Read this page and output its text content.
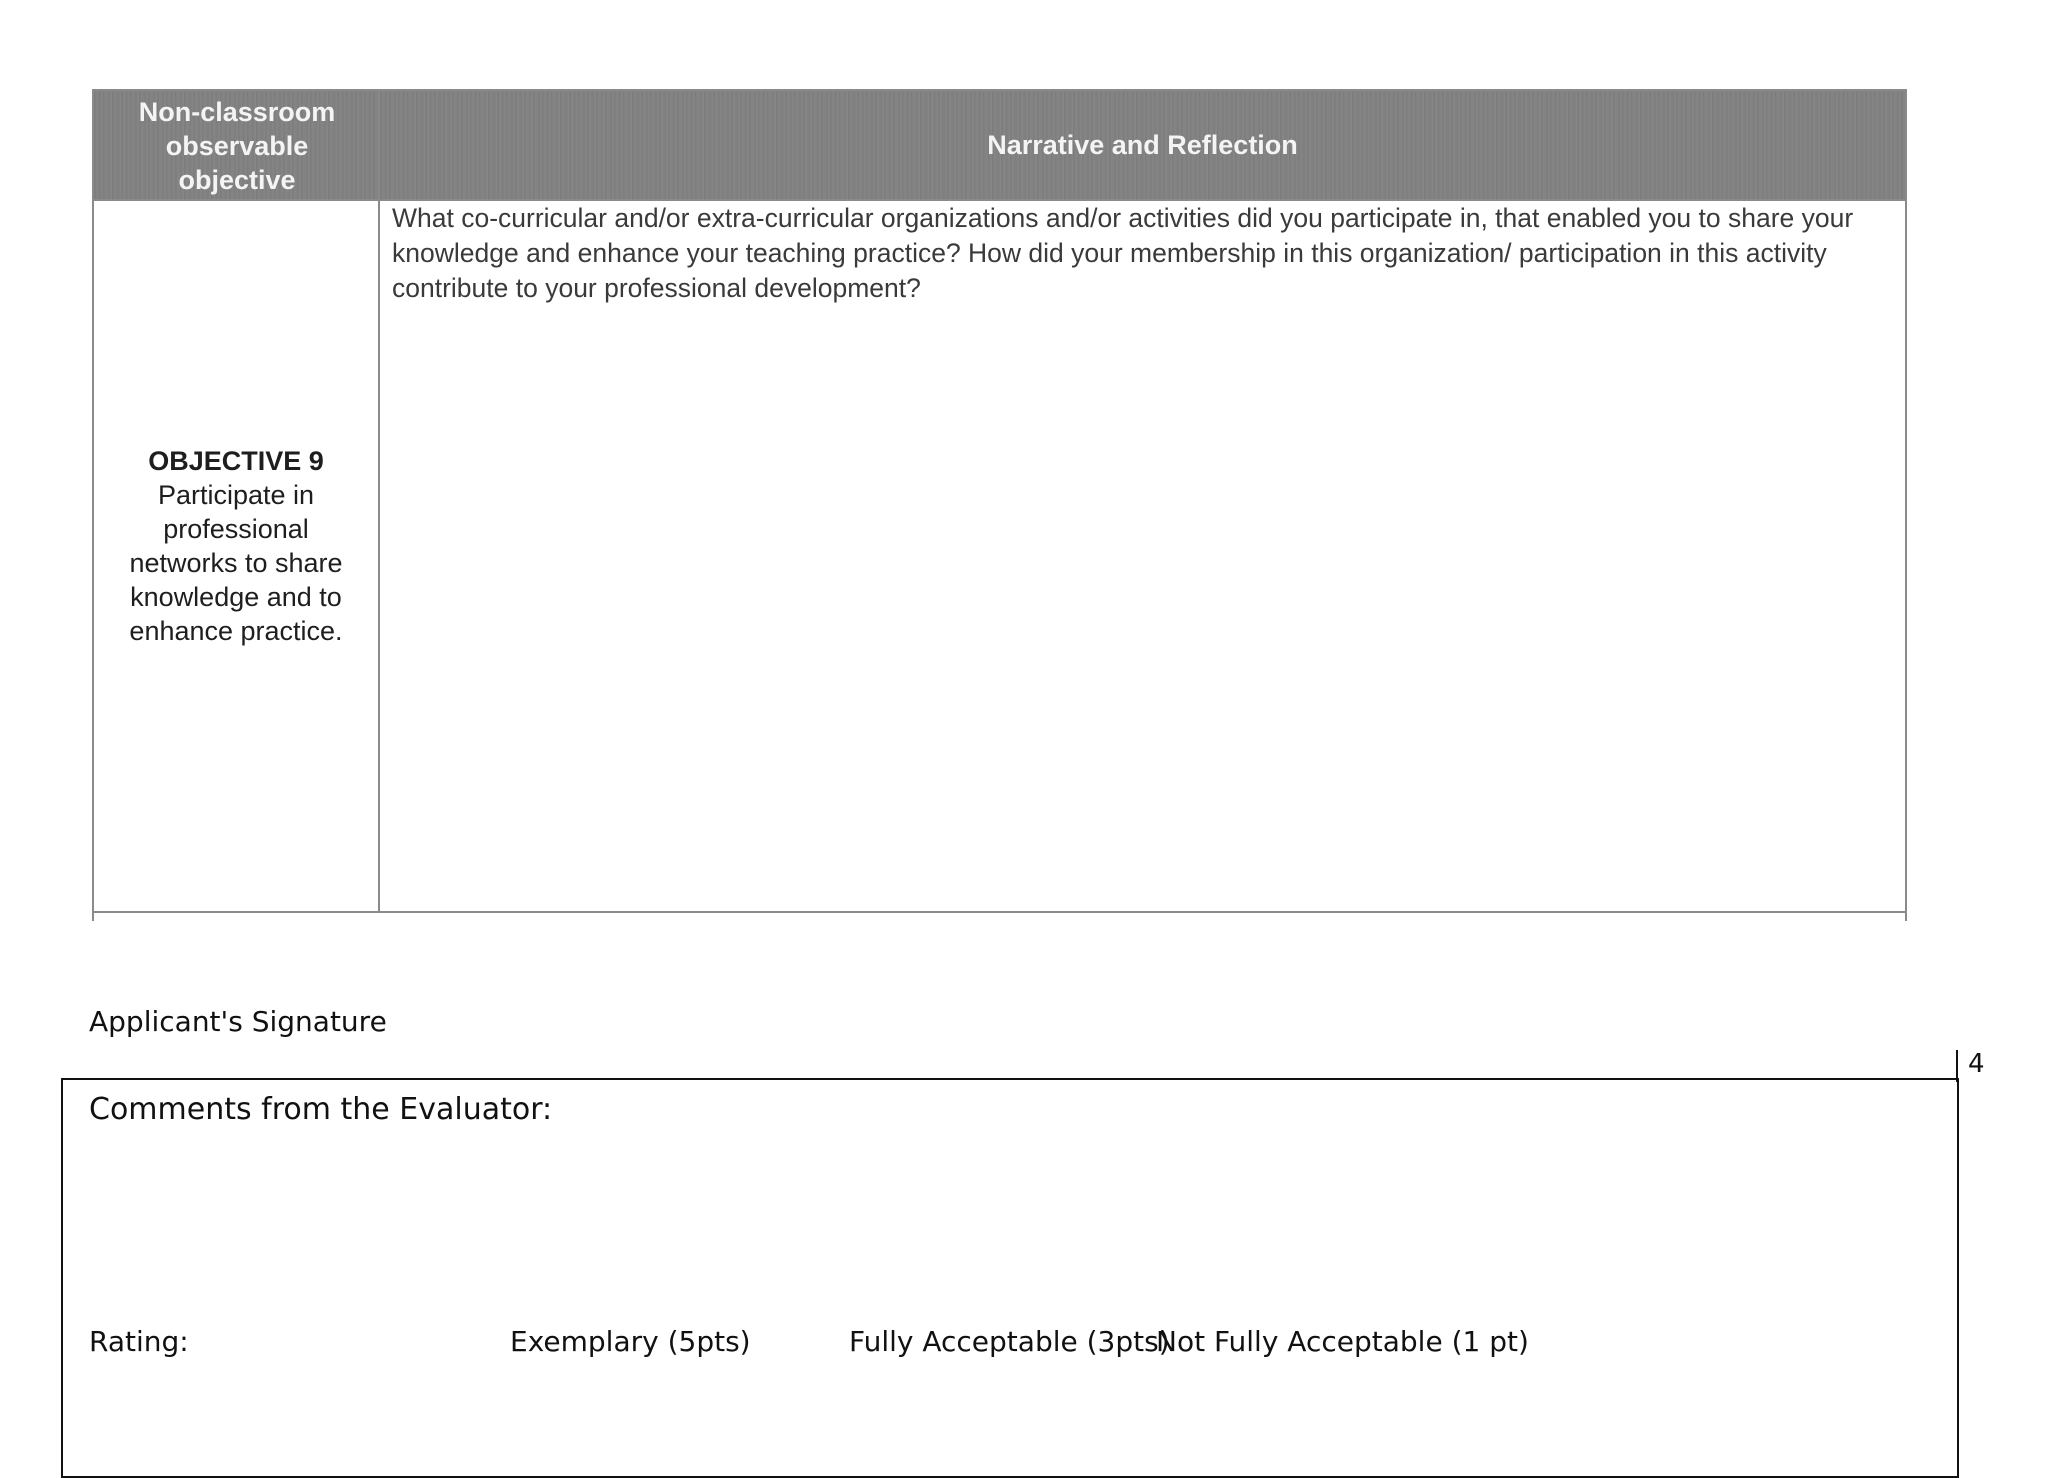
Non-classroom observable objective
Narrative and Reflection
OBJECTIVE 9
Participate in professional networks to share knowledge and to enhance practice.
What co-curricular and/or extra-curricular organizations and/or activities did you participate in, that enabled you to share your knowledge and enhance your teaching practice? How did your membership in this organization/ participation in this activity contribute to your professional development?
Applicant's Signature
4
Comments from the Evaluator:
Rating:	Exemplary (5pts)	Fully Acceptable (3pts)
Not Fully Acceptable (1 pt)
